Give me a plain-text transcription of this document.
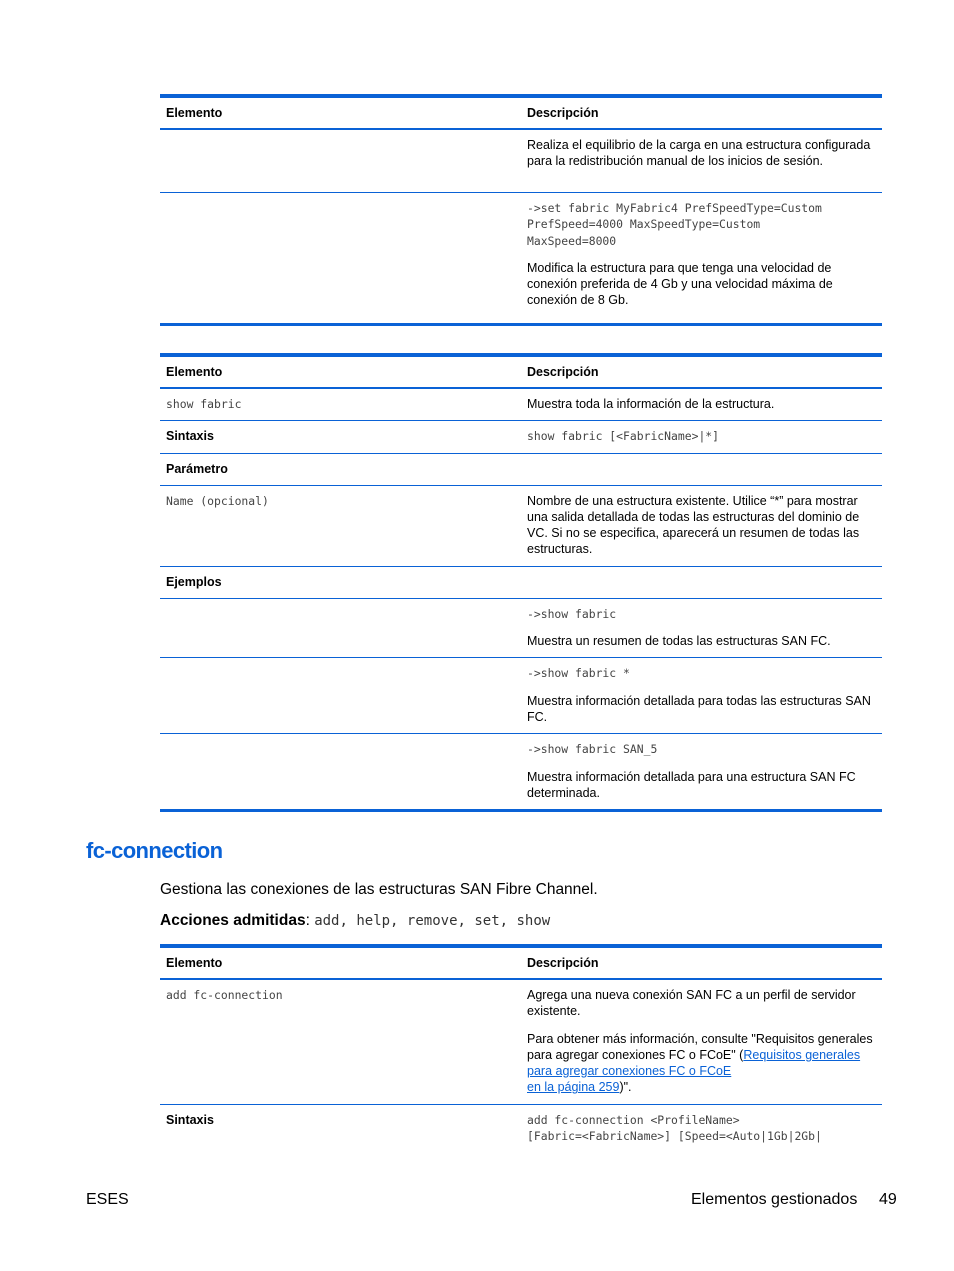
Elemento	Descripción
Realiza el equilibrio de la carga en una estructura configurada para la redistribución manual de los inicios de sesión.
->set fabric MyFabric4 PrefSpeedType=Custom
PrefSpeed=4000 MaxSpeedType=Custom
MaxSpeed=8000
Modifica la estructura para que tenga una velocidad de conexión preferida de 4 Gb y una velocidad máxima de conexión de 8 Gb.
Elemento	Descripción
show fabric	Muestra toda la información de la estructura.
Sintaxis	show fabric [<FabricName>|*]
Parámetro
Name (opcional)	Nombre de una estructura existente. Utilice “*” para mostrar una salida detallada de todas las estructuras del dominio de VC. Si no se especifica, aparecerá un resumen de todas las estructuras.
Ejemplos
->show fabric
Muestra un resumen de todas las estructuras SAN FC.
->show fabric *
Muestra información detallada para todas las estructuras SAN FC.
->show fabric SAN_5
Muestra información detallada para una estructura SAN FC determinada.
fc-connection
Gestiona las conexiones de las estructuras SAN Fibre Channel.
Acciones admitidas: add, help, remove, set, show
Elemento	Descripción
add fc-connection	Agrega una nueva conexión SAN FC a un perfil de servidor existente.
Para obtener más información, consulte "Requisitos generales para agregar conexiones FC o FCoE" (Requisitos generales para agregar conexiones FC o FCoE
en la página 259)".
Sintaxis	add fc-connection <ProfileName>
[Fabric=<FabricName>] [Speed=<Auto|1Gb|2Gb|
ESES	Elementos gestionados 49
